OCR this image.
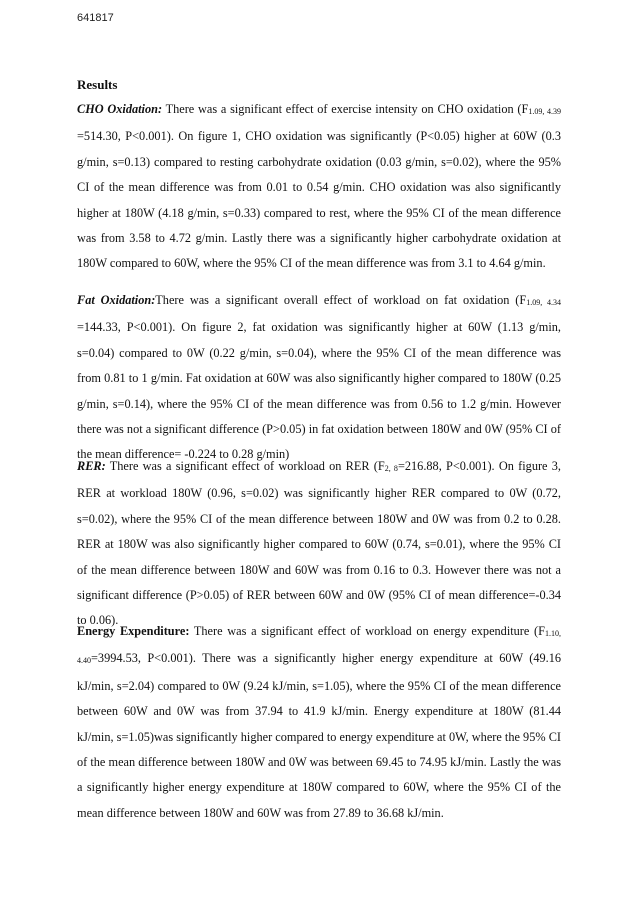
641817
Results

CHO Oxidation: There was a significant effect of exercise intensity on CHO oxidation (F1.09, 4.39 =514.30, P<0.001). On figure 1, CHO oxidation was significantly (P<0.05) higher at 60W (0.3 g/min, s=0.13) compared to resting carbohydrate oxidation (0.03 g/min, s=0.02), where the 95% CI of the mean difference was from 0.01 to 0.54 g/min. CHO oxidation was also significantly higher at 180W (4.18 g/min, s=0.33) compared to rest, where the 95% CI of the mean difference was from 3.58 to 4.72 g/min. Lastly there was a significantly higher carbohydrate oxidation at 180W compared to 60W, where the 95% CI of the mean difference was from 3.1 to 4.64 g/min.

Fat Oxidation:There was a significant overall effect of workload on fat oxidation (F1.09, 4.34 =144.33, P<0.001). On figure 2, fat oxidation was significantly higher at 60W (1.13 g/min, s=0.04) compared to 0W (0.22 g/min, s=0.04), where the 95% CI of the mean difference was from 0.81 to 1 g/min. Fat oxidation at 60W was also significantly higher compared to 180W (0.25 g/min, s=0.14), where the 95% CI of the mean difference was from 0.56 to 1.2 g/min. However there was not a significant difference (P>0.05) in fat oxidation between 180W and 0W (95% CI of the mean difference= -0.224 to 0.28 g/min)

RER: There was a significant effect of workload on RER (F2, 8=216.88, P<0.001). On figure 3, RER at workload 180W (0.96, s=0.02) was significantly higher RER compared to 0W (0.72, s=0.02), where the 95% CI of the mean difference between 180W and 0W was from 0.2 to 0.28. RER at 180W was also significantly higher compared to 60W (0.74, s=0.01), where the 95% CI of the mean difference between 180W and 60W was from 0.16 to 0.3. However there was not a significant difference (P>0.05) of RER between 60W and 0W (95% CI of mean difference=-0.34 to 0.06).

Energy Expenditure: There was a significant effect of workload on energy expenditure (F1.10, 4.40=3994.53, P<0.001). There was a significantly higher energy expenditure at 60W (49.16 kJ/min, s=2.04) compared to 0W (9.24 kJ/min, s=1.05), where the 95% CI of the mean difference between 60W and 0W was from 37.94 to 41.9 kJ/min. Energy expenditure at 180W (81.44 kJ/min, s=1.05)was significantly higher compared to energy expenditure at 0W, where the 95% CI of the mean difference between 180W and 0W was between 69.45 to 74.95 kJ/min. Lastly the was a significantly higher energy expenditure at 180W compared to 60W, where the 95% CI of the mean difference between 180W and 60W was from 27.89 to 36.68 kJ/min.
